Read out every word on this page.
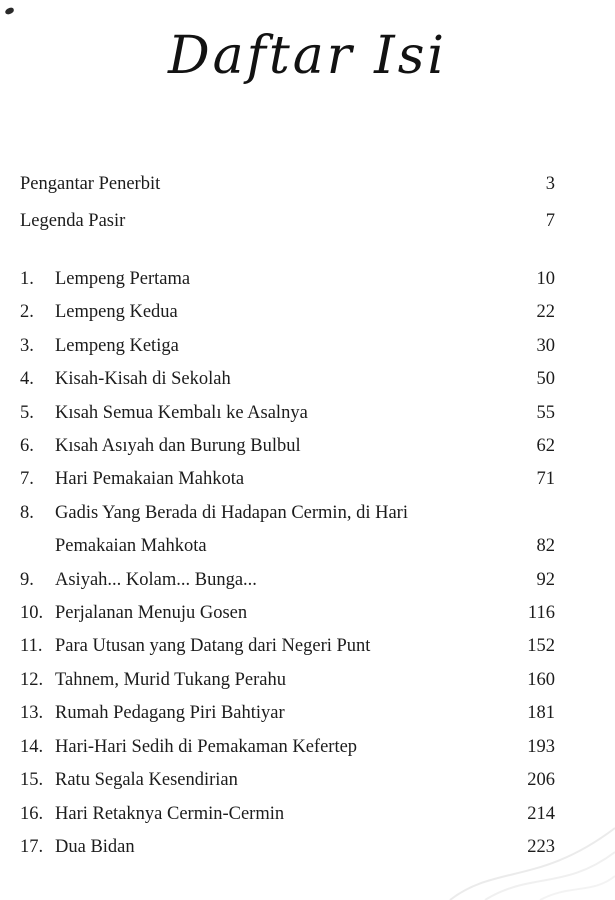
Daftar Isi
Pengantar Penerbit	3
Legenda Pasir	7
1.	Lempeng Pertama	10
2.	Lempeng Kedua	22
3.	Lempeng Ketiga	30
4.	Kisah-Kisah di Sekolah	50
5.	Kısah Semua Kembalı ke Asalnya	55
6.	Kısah Asıyah dan Burung Bulbul	62
7.	Hari Pemakaian Mahkota	71
8.	Gadis Yang Berada di Hadapan Cermin, di Hari
Pemakaian Mahkota	82
9.	Asiyah... Kolam... Bunga...	92
10. Perjalanan Menuju Gosen	116
11. Para Utusan yang Datang dari Negeri Punt	152
12. Tahnem, Murid Tukang Perahu	160
13. Rumah Pedagang Piri Bahtiyar	181
14. Hari-Hari Sedih di Pemakaman Kefertep	193
15. Ratu Segala Kesendirian	206
16. Hari Retaknya Cermin-Cermin	214
17. Dua Bidan	223
